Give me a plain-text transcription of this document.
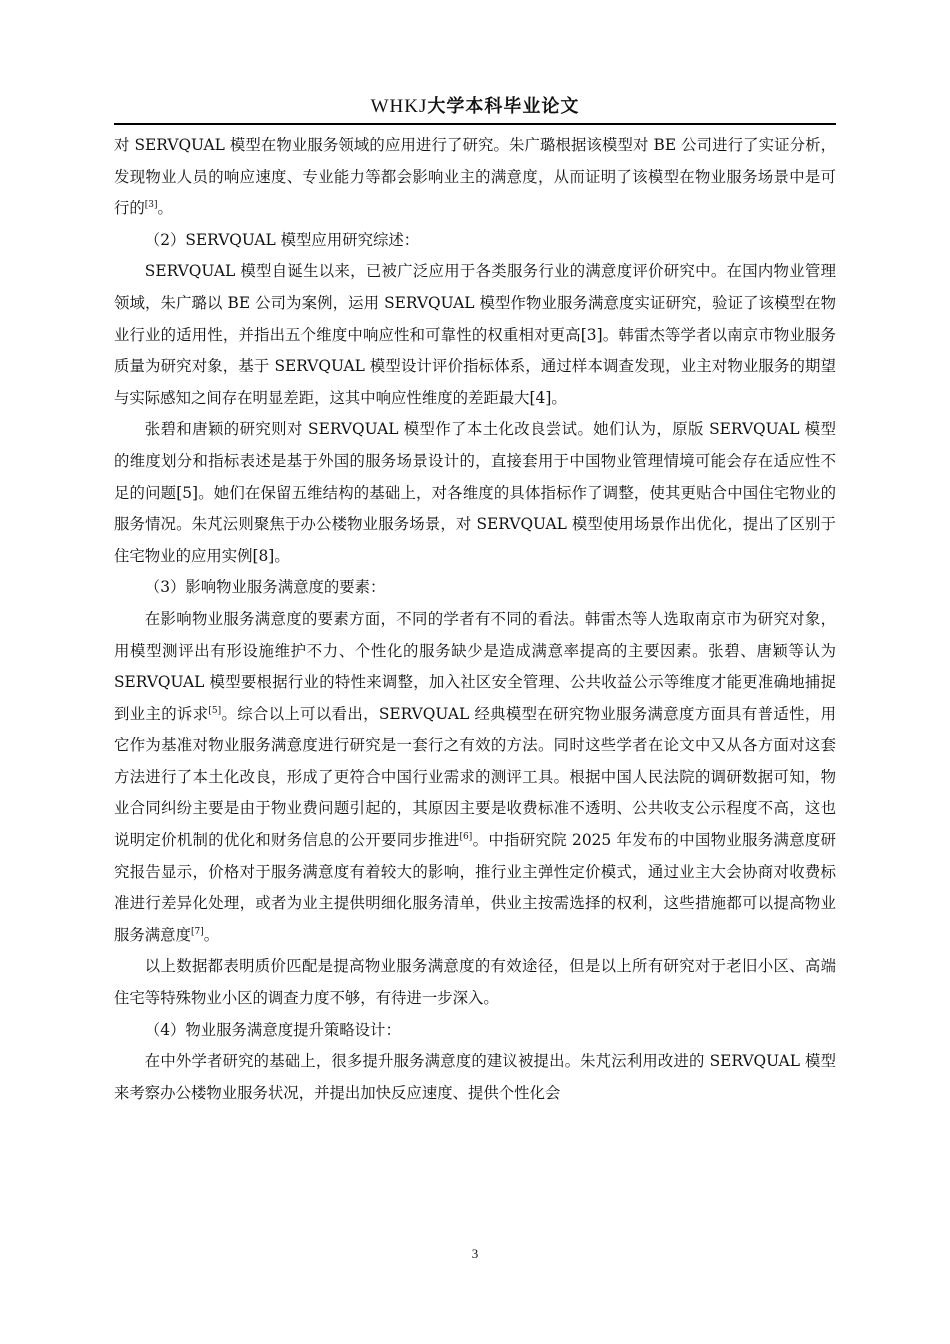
WHKJ大学本科毕业论文

对 SERVQUAL 模型在物业服务领域的应用进行了研究。朱广璐根据该模型对 BE 公司进行了实证分析，发现物业人员的响应速度、专业能力等都会影响业主的满意度，从而证明了该模型在物业服务场景中是可行的[3]。

（2）SERVQUAL 模型应用研究综述：

SERVQUAL 模型自诞生以来，已被广泛应用于各类服务行业的满意度评价研究中。在国内物业管理领域，朱广璐以 BE 公司为案例，运用 SERVQUAL 模型作物业服务满意度实证研究，验证了该模型在物业行业的适用性，并指出五个维度中响应性和可靠性的权重相对更高[3]。韩雷杰等学者以南京市物业服务质量为研究对象，基于 SERVQUAL 模型设计评价指标体系，通过样本调查发现，业主对物业服务的期望与实际感知之间存在明显差距，这其中响应性维度的差距最大[4]。

张碧和唐颖的研究则对 SERVQUAL 模型作了本土化改良尝试。她们认为，原版 SERVQUAL 模型的维度划分和指标表述是基于外国的服务场景设计的，直接套用于中国物业管理情境可能会存在适应性不足的问题[5]。她们在保留五维结构的基础上，对各维度的具体指标作了调整，使其更贴合中国住宅物业的服务情况。朱芃沄则聚焦于办公楼物业服务场景，对 SERVQUAL 模型使用场景作出优化，提出了区别于住宅物业的应用实例[8]。

（3）影响物业服务满意度的要素：

在影响物业服务满意度的要素方面，不同的学者有不同的看法。韩雷杰等人选取南京市为研究对象，用模型测评出有形设施维护不力、个性化的服务缺少是造成满意率提高的主要因素。张碧、唐颖等认为 SERVQUAL 模型要根据行业的特性来调整，加入社区安全管理、公共收益公示等维度才能更准确地捕捉到业主的诉求[5]。综合以上可以看出，SERVQUAL 经典模型在研究物业服务满意度方面具有普适性，用它作为基准对物业服务满意度进行研究是一套行之有效的方法。同时这些学者在论文中又从各方面对这套方法进行了本土化改良，形成了更符合中国行业需求的测评工具。根据中国人民法院的调研数据可知，物业合同纠纷主要是由于物业费问题引起的，其原因主要是收费标准不透明、公共收支公示程度不高，这也说明定价机制的优化和财务信息的公开要同步推进[6]。中指研究院 2025 年发布的中国物业服务满意度研究报告显示，价格对于服务满意度有着较大的影响，推行业主弹性定价模式，通过业主大会协商对收费标准进行差异化处理，或者为业主提供明细化服务清单，供业主按需选择的权利，这些措施都可以提高物业服务满意度[7]。

以上数据都表明质价匹配是提高物业服务满意度的有效途径，但是以上所有研究对于老旧小区、高端住宅等特殊物业小区的调查力度不够，有待进一步深入。

（4）物业服务满意度提升策略设计：

在中外学者研究的基础上，很多提升服务满意度的建议被提出。朱芃沄利用改进的 SERVQUAL 模型来考察办公楼物业服务状况，并提出加快反应速度、提供个性化会

3
